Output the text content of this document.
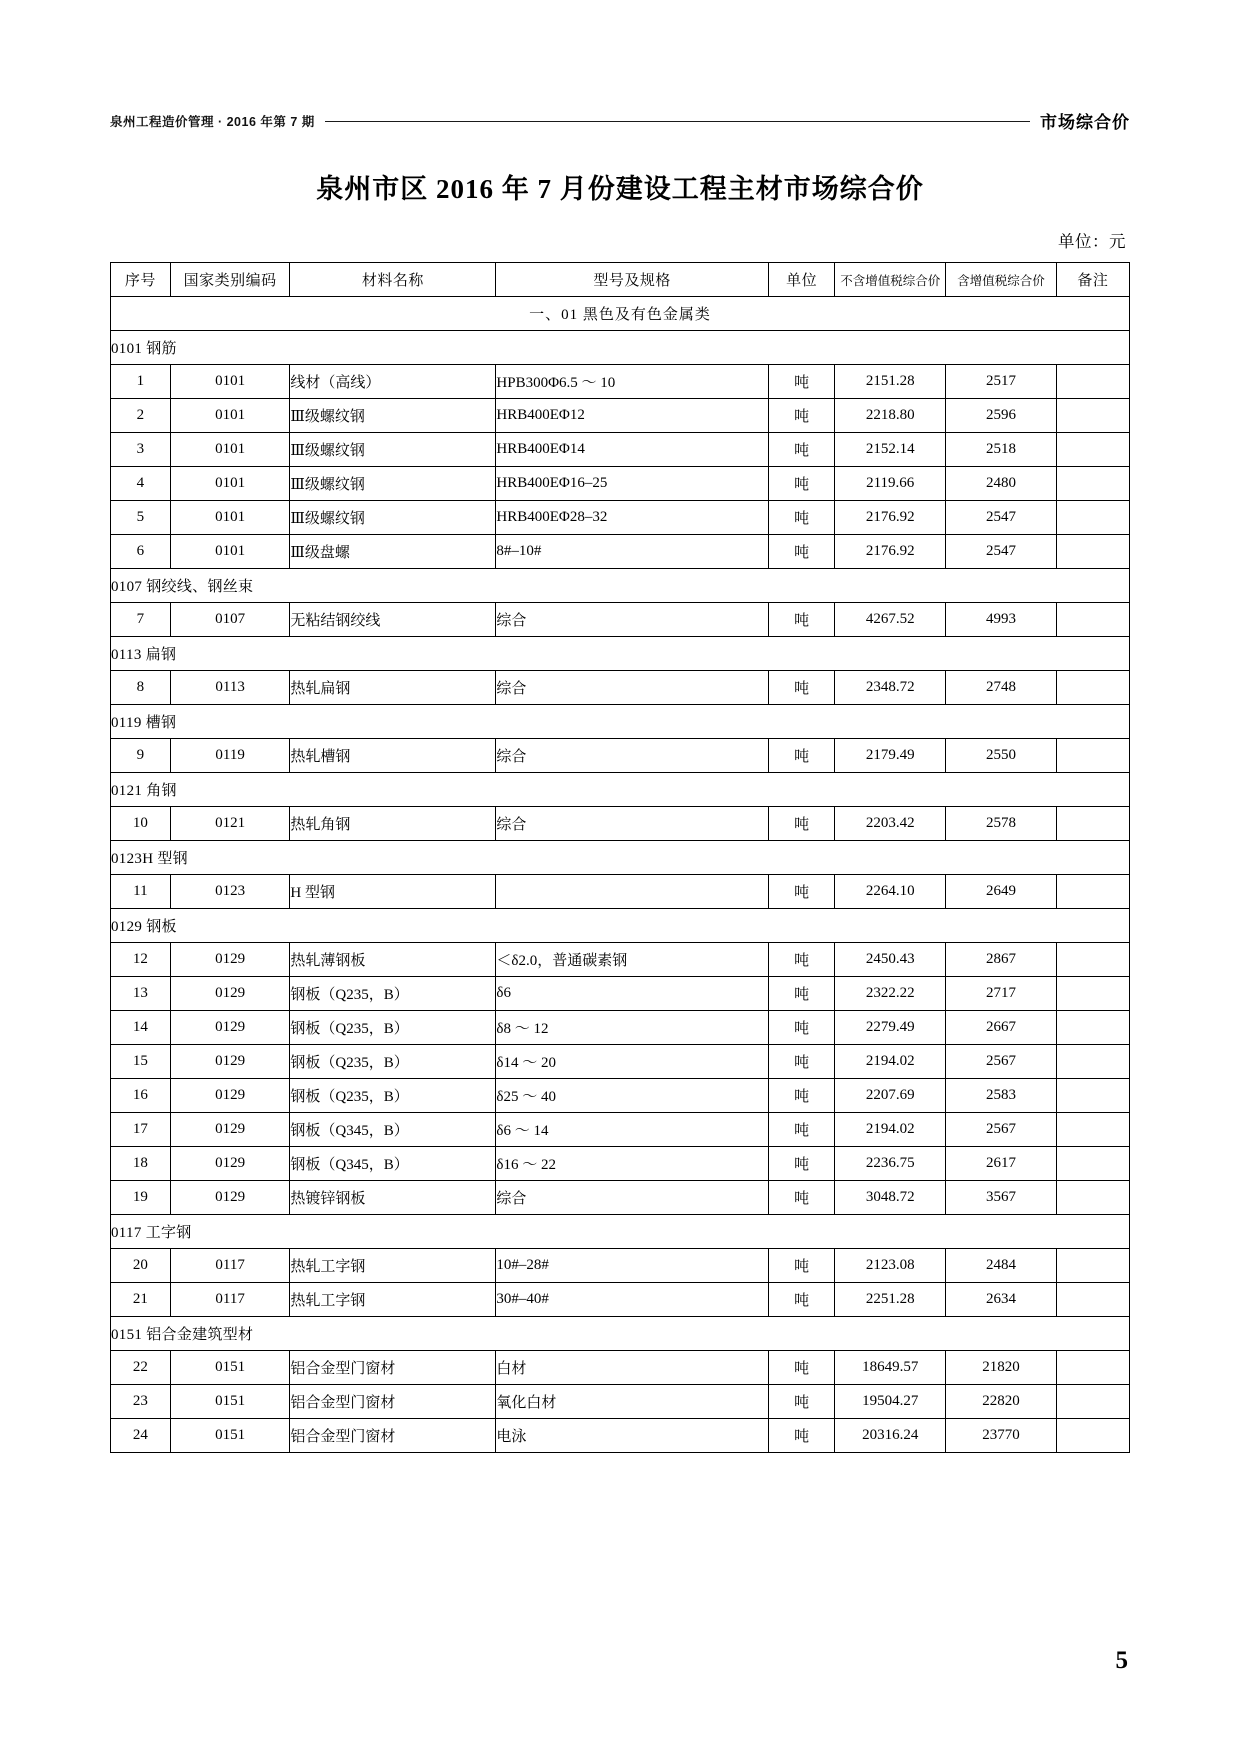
泉州工程造价管理 · 2016 年第 7 期	市场综合价
泉州市区 2016 年 7 月份建设工程主材市场综合价
单位：元
序号	国家类别编码	材料名称	型号及规格	单位	不含增值税综合价	含增值税综合价	备注
一、01 黑色及有色金属类							
0101 钢筋							
1	0101	线材（高线）	HPB300Φ6.5 ～ 10	吨	2151.28	2517	
2	0101	Ⅲ级螺纹钢	HRB400EΦ12	吨	2218.80	2596	
3	0101	Ⅲ级螺纹钢	HRB400EΦ14	吨	2152.14	2518	
4	0101	Ⅲ级螺纹钢	HRB400EΦ16–25	吨	2119.66	2480	
5	0101	Ⅲ级螺纹钢	HRB400EΦ28–32	吨	2176.92	2547	
6	0101	Ⅲ级盘螺	8#–10#	吨	2176.92	2547	
0107 钢绞线、钢丝束							
7	0107	无粘结钢绞线	综合	吨	4267.52	4993	
0113 扁钢							
8	0113	热轧扁钢	综合	吨	2348.72	2748	
0119 槽钢							
9	0119	热轧槽钢	综合	吨	2179.49	2550	
0121 角钢							
10	0121	热轧角钢	综合	吨	2203.42	2578	
0123H 型钢							
11	0123	H 型钢		吨	2264.10	2649	
0129 钢板							
12	0129	热轧薄钢板	＜δ2.0，普通碳素钢	吨	2450.43	2867	
13	0129	钢板（Q235，B）	δ6	吨	2322.22	2717	
14	0129	钢板（Q235，B）	δ8 ～ 12	吨	2279.49	2667	
15	0129	钢板（Q235，B）	δ14 ～ 20	吨	2194.02	2567	
16	0129	钢板（Q235，B）	δ25 ～ 40	吨	2207.69	2583	
17	0129	钢板（Q345，B）	δ6 ～ 14	吨	2194.02	2567	
18	0129	钢板（Q345，B）	δ16 ～ 22	吨	2236.75	2617	
19	0129	热镀锌钢板	综合	吨	3048.72	3567	
0117 工字钢							
20	0117	热轧工字钢	10#–28#	吨	2123.08	2484	
21	0117	热轧工字钢	30#–40#	吨	2251.28	2634	
0151 铝合金建筑型材							
22	0151	铝合金型门窗材	白材	吨	18649.57	21820	
23	0151	铝合金型门窗材	氧化白材	吨	19504.27	22820	
24	0151	铝合金型门窗材	电泳	吨	20316.24	23770	
5
